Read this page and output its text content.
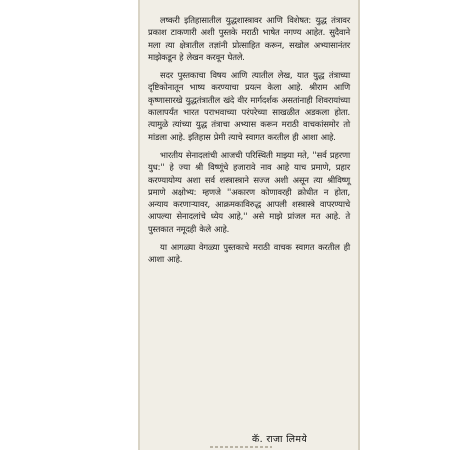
लष्करी इतिहासातील युद्धशास्त्रावर आणि विशेषत: युद्ध तंत्रावर प्रकाश टाकणारी अशी पुस्तके मराठी भाषेत नगण्य आहेत. सुदैवाने मला त्या क्षेत्रातील तज्ञांनी प्रोत्साहित करून, सखोल अभ्यासानंतर माझेकडून हे लेखन करवून घेतले.

सदर पुस्तकाचा विषय आणि त्यातील लेख, यात युद्ध तंत्राच्या दृष्टिकोनातून भाष्य करण्याचा प्रयत्न केला आहे. श्रीराम आणि कृष्णासारखे युद्धतंत्रातील खंदे वीर मार्गदर्शक असतांनाही शिवरायांच्या कालापर्यंत भारत पराभवाच्या परंपरेच्या साखळीत अडकला होता. त्यामुळे त्यांच्या युद्ध तंत्राचा अभ्यास करून मराठी वाचकांसमोर तो मांडला आहे. इतिहास प्रेमी त्याचे स्वागत करतील ही आशा आहे.

भारतीय सेनादलांची आजची परिस्थिती माझ्या मते, ''सर्व प्रहरणा युध:'' हे ज्या श्री विष्णूंचे हजारावे नाव आहे याच प्रमाणे, प्रहार करण्यायोग्य अशा सर्व शस्त्रास्त्राने सज्ज अशी असून त्या श्रीविष्णू प्रमाणे अक्षोभ्य: म्हणजे ''अकारण कोणावरही क्रोधीत न होता, अन्याय करणाऱ्यावर, आक्रमकाविरुद्ध आपली शस्त्रास्त्रे वापरण्याचे आपल्या सेनादलांचे ध्येय आहे,'' असे माझे प्रांजल मत आहे. ते पुस्तकात नमूदही केले आहे.

या आगळ्या वेगळ्या पुस्तकाचे मराठी वाचक स्वागत करतील ही आशा आहे.

कॅ. राजा लिमये
